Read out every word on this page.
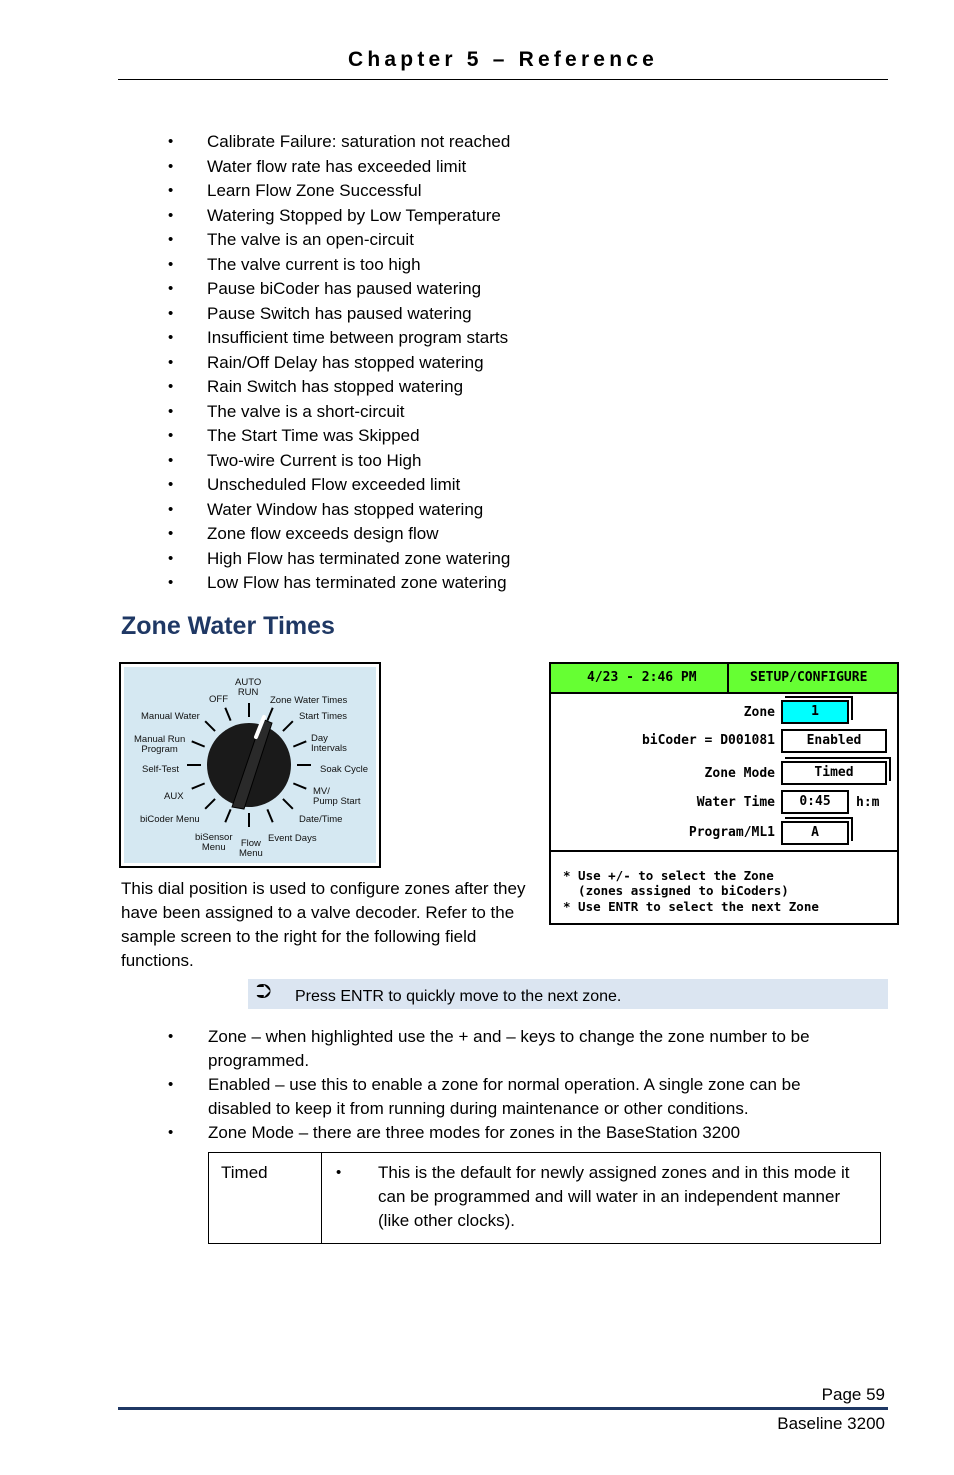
Chapter 5 – Reference
• Calibrate Failure: saturation not reached
• Water flow rate has exceeded limit
• Learn Flow Zone Successful
• Watering Stopped by Low Temperature
• The valve is an open-circuit
• The valve current is too high
• Pause biCoder has paused watering
• Pause Switch has paused watering
• Insufficient time between program starts
• Rain/Off Delay has stopped watering
• Rain Switch has stopped watering
• The valve is a short-circuit
• The Start Time was Skipped
• Two-wire Current is too High
• Unscheduled Flow exceeded limit
• Water Window has stopped watering
• Zone flow exceeds design flow
• High Flow has terminated zone watering
• Low Flow has terminated zone watering
Zone Water Times
AUTO
RUN
OFF	Zone Water Times
Start Times
Day
Intervals
Soak Cycle
MV/
Pump Start
Date/Time
Event Days
Flow
Menu
biSensor
Menu
biCoder Menu
AUX
Self-Test
Manual Run
Program
Manual Water
This dial position is used to configure zones after they have been assigned to a valve decoder. Refer to the sample screen to the right for the following field functions.
4/23 - 2:46 PM	SETUP/CONFIGURE
Zone	1
biCoder = D001081	Enabled
Zone Mode	Timed
Water Time	0:45	h:m
Program/ML1	A
* Use +/- to select the Zone
(zones assigned to biCoders)
* Use ENTR to select the next Zone
⮊ Press ENTR to quickly move to the next zone.
• Zone – when highlighted use the + and – keys to change the zone number to be programmed.
• Enabled – use this to enable a zone for normal operation. A single zone can be disabled to keep it from running during maintenance or other conditions.
• Zone Mode – there are three modes for zones in the BaseStation 3200
Timed	• This is the default for newly assigned zones and in this mode it can be programmed and will water in an independent manner (like other clocks).
Page 59
Baseline 3200
